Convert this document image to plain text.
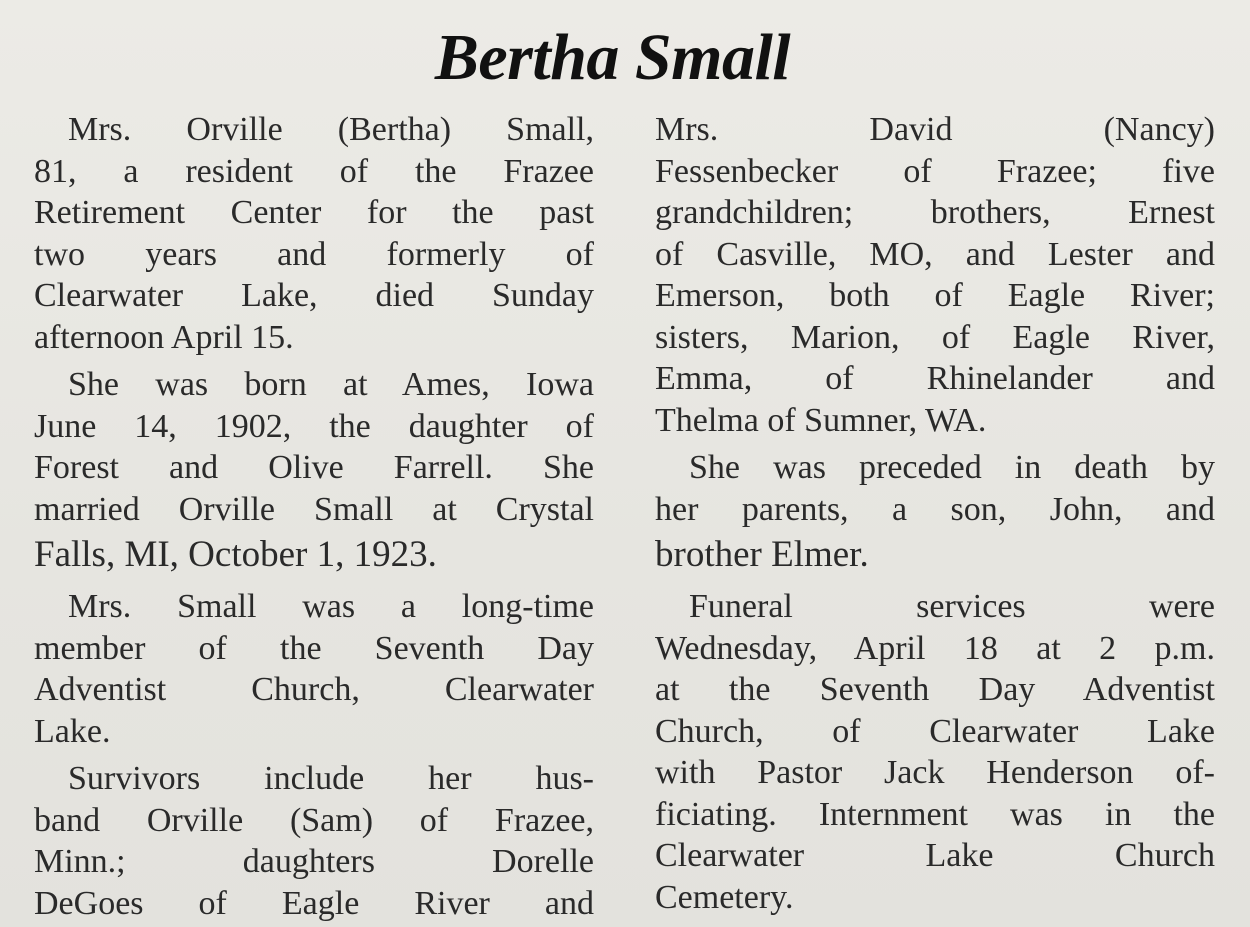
Bertha Small
Mrs. Orville (Bertha) Small,
81, a resident of the Frazee
Retirement Center for the past
two years and formerly of
Clearwater Lake, died Sunday
afternoon April 15.
She was born at Ames, Iowa
June 14, 1902, the daughter of
Forest and Olive Farrell. She
married Orville Small at Crystal
Falls, MI, October 1, 1923.
Mrs. Small was a long-time
member of the Seventh Day
Adventist Church, Clearwater
Lake.
Survivors include her hus-
band Orville (Sam) of Frazee,
Minn.; daughters Dorelle
DeGoes of Eagle River and
Mrs. David (Nancy)
Fessenbecker of Frazee; five
grandchildren; brothers, Ernest
of Casville, MO, and Lester and
Emerson, both of Eagle River;
sisters, Marion, of Eagle River,
Emma, of Rhinelander and
Thelma of Sumner, WA.
She was preceded in death by
her parents, a son, John, and
brother Elmer.
Funeral services were
Wednesday, April 18 at 2 p.m.
at the Seventh Day Adventist
Church, of Clearwater Lake
with Pastor Jack Henderson of-
ficiating. Internment was in the
Clearwater Lake Church
Cemetery.
